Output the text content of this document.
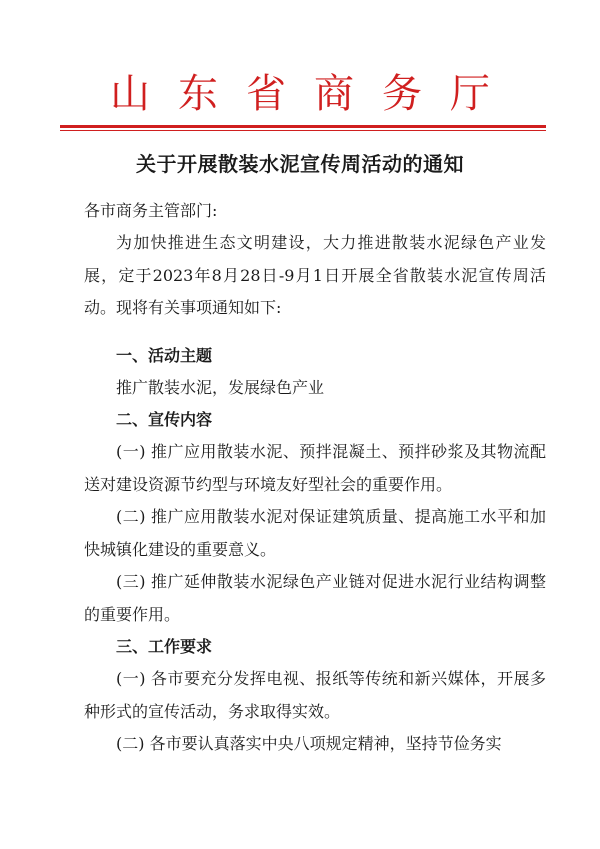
山东省商务厅
关于开展散装水泥宣传周活动的通知
各市商务主管部门:
为加快推进生态文明建设，大力推进散装水泥绿色产业发展，定于2023年8月28日-9月1日开展全省散装水泥宣传周活动。现将有关事项通知如下:
一、活动主题
推广散装水泥，发展绿色产业
二、宣传内容
(一) 推广应用散装水泥、预拌混凝土、预拌砂浆及其物流配送对建设资源节约型与环境友好型社会的重要作用。
(二) 推广应用散装水泥对保证建筑质量、提高施工水平和加快城镇化建设的重要意义。
(三) 推广延伸散装水泥绿色产业链对促进水泥行业结构调整的重要作用。
三、工作要求
(一) 各市要充分发挥电视、报纸等传统和新兴媒体，开展多种形式的宣传活动，务求取得实效。
(二) 各市要认真落实中央八项规定精神，坚持节俭务实
